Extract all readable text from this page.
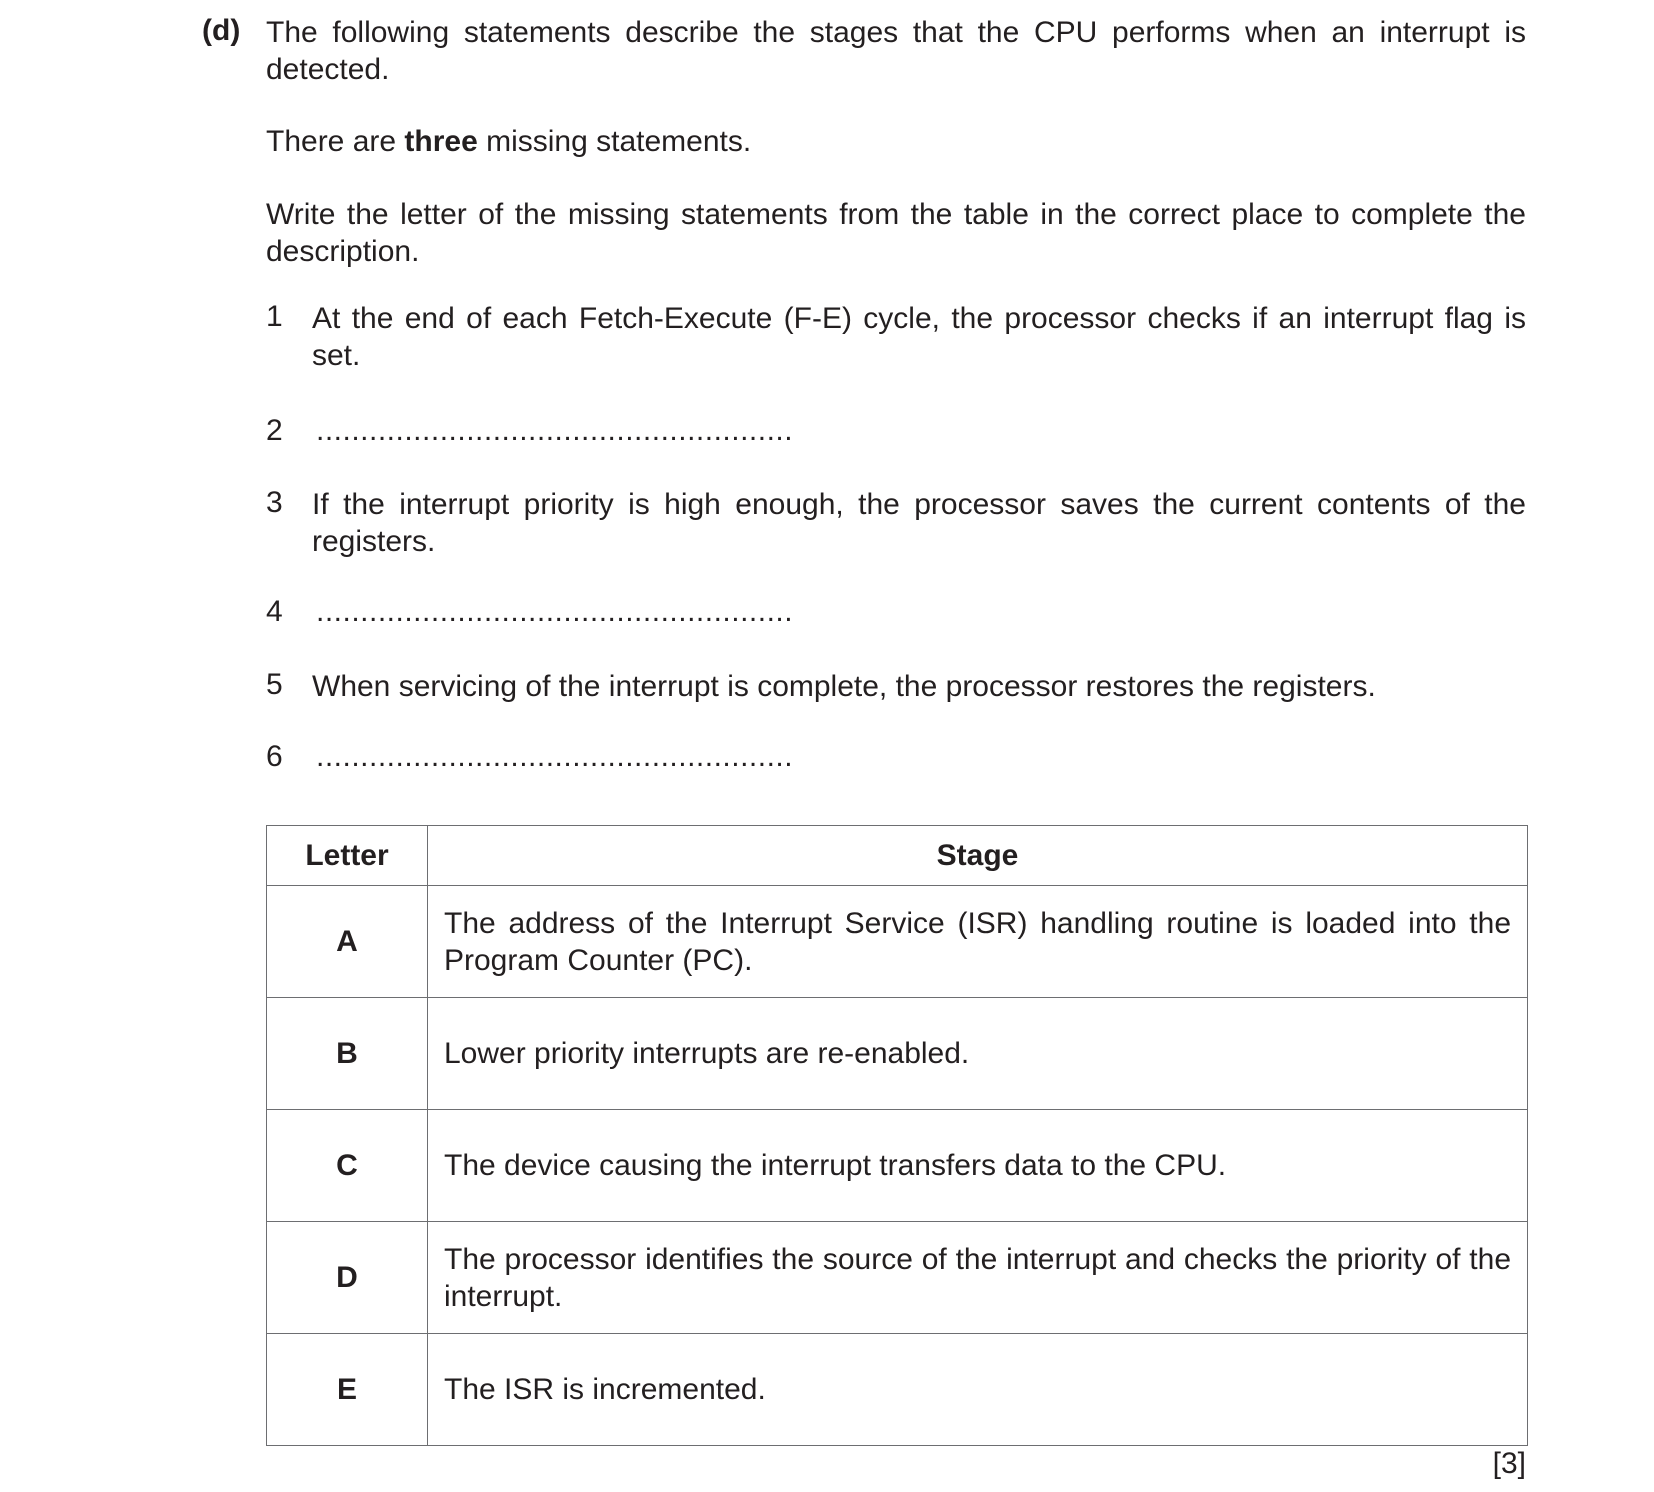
(d) The following statements describe the stages that the CPU performs when an interrupt is detected.
There are three missing statements.
Write the letter of the missing statements from the table in the correct place to complete the description.
1 At the end of each Fetch-Execute (F-E) cycle, the processor checks if an interrupt flag is set.
2 ......................................................
3 If the interrupt priority is high enough, the processor saves the current contents of the registers.
4 ......................................................
5 When servicing of the interrupt is complete, the processor restores the registers.
6 ......................................................
Letter	Stage
A	The address of the Interrupt Service (ISR) handling routine is loaded into the Program Counter (PC).
B	Lower priority interrupts are re-enabled.
C	The device causing the interrupt transfers data to the CPU.
D	The processor identifies the source of the interrupt and checks the priority of the interrupt.
E	The ISR is incremented.
[3]
